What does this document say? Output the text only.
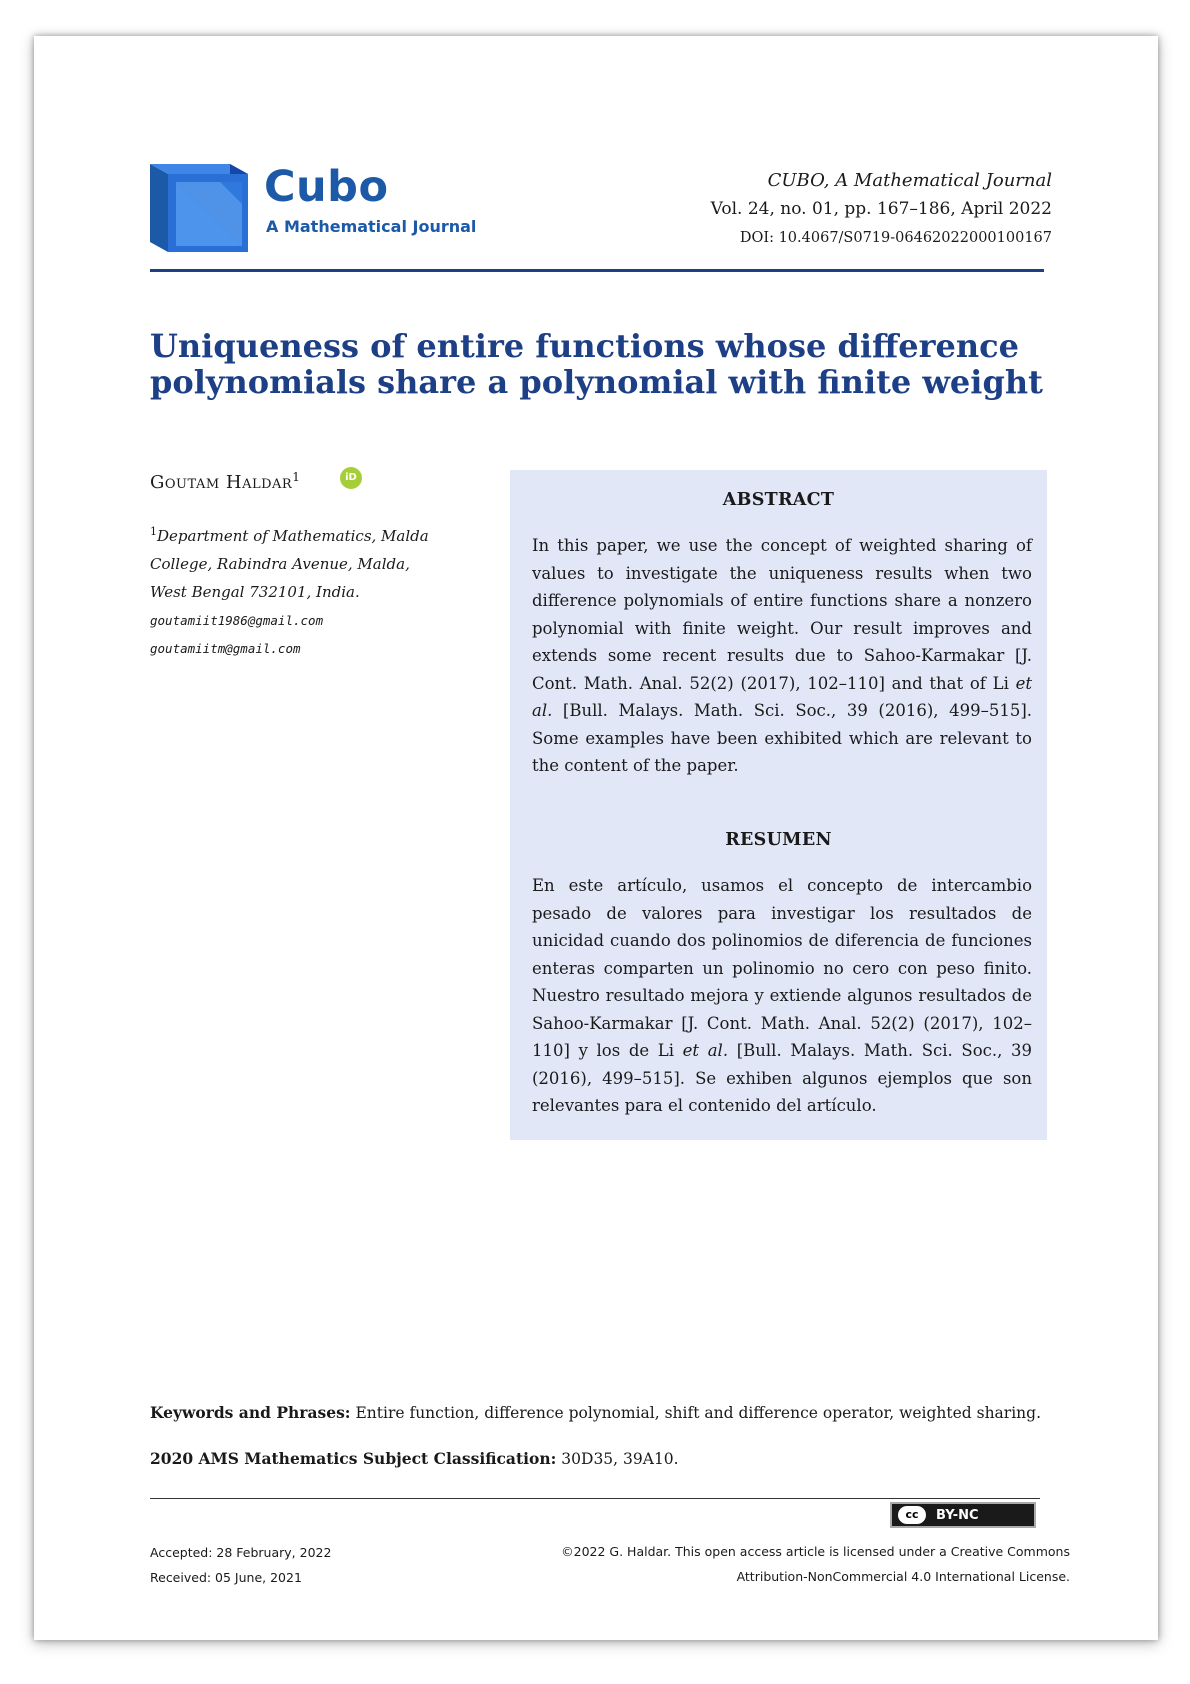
Cubo
A Mathematical Journal
CUBO, A Mathematical Journal
Vol. 24, no. 01, pp. 167–186, April 2022
DOI: 10.4067/S0719-06462022000100167
Uniqueness of entire functions whose difference polynomials share a polynomial with finite weight
Goutam Haldar$^1$	iD
$^1$Department of Mathematics, Malda
College, Rabindra Avenue, Malda,
West Bengal 732101, India.
goutamiit1986@gmail.com
goutamiitm@gmail.com
ABSTRACT
In this paper, we use the concept of weighted sharing of values to investigate the uniqueness results when two difference polynomials of entire functions share a nonzero polynomial with finite weight. Our result improves and extends some recent results due to Sahoo-Karmakar [J. Cont. Math. Anal. 52(2) (2017), 102–110] and that of Li et al. [Bull. Malays. Math. Sci. Soc., 39 (2016), 499–515]. Some examples have been exhibited which are relevant to the content of the paper.
RESUMEN
En este artículo, usamos el concepto de intercambio pesado de valores para investigar los resultados de unicidad cuando dos polinomios de diferencia de funciones enteras comparten un polinomio no cero con peso finito. Nuestro resultado mejora y extiende algunos resultados de Sahoo-Karmakar [J. Cont. Math. Anal. 52(2) (2017), 102–110] y los de Li et al. [Bull. Malays. Math. Sci. Soc., 39 (2016), 499–515]. Se exhiben algunos ejemplos que son relevantes para el contenido del artículo.
Keywords and Phrases: Entire function, difference polynomial, shift and difference operator, weighted sharing.
2020 AMS Mathematics Subject Classification: 30D35, 39A10.
cc	BY-NC
Accepted: 28 February, 2022
Received: 05 June, 2021
©2022 G. Haldar. This open access article is licensed under a Creative Commons
Attribution-NonCommercial 4.0 International License.
